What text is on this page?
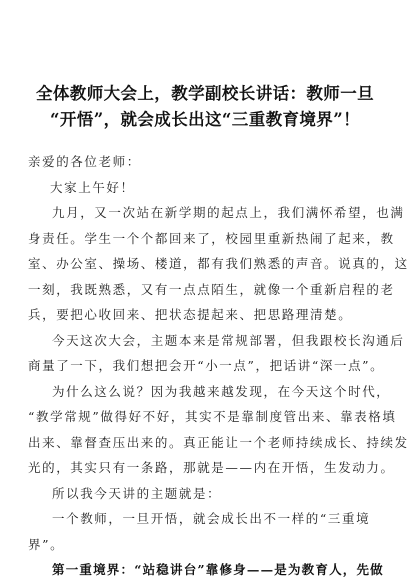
全体教师大会上，教学副校长讲话：教师一旦
“开悟”，就会成长出这“三重教育境界”！
亲爱的各位老师：
大家上午好！
九月，又一次站在新学期的起点上，我们满怀希望，也满
身责任。学生一个个都回来了，校园里重新热闹了起来，教
室、办公室、操场、楼道，都有我们熟悉的声音。说真的，这
一刻，我既熟悉，又有一点点陌生，就像一个重新启程的老
兵，要把心收回来、把状态提起来、把思路理清楚。
今天这次大会，主题本来是常规部署，但我跟校长沟通后
商量了一下，我们想把会开“小一点”，把话讲“深一点”。
为什么这么说？因为我越来越发现，在今天这个时代，
“教学常规”做得好不好，其实不是靠制度管出来、靠表格填
出来、靠督查压出来的。真正能让一个老师持续成长、持续发
光的，其实只有一条路，那就是——内在开悟，生发动力。
所以我今天讲的主题就是：
一个教师，一旦开悟，就会成长出不一样的“三重境
界”。
第一重境界：“站稳讲台”靠修身——是为教育人，先做
